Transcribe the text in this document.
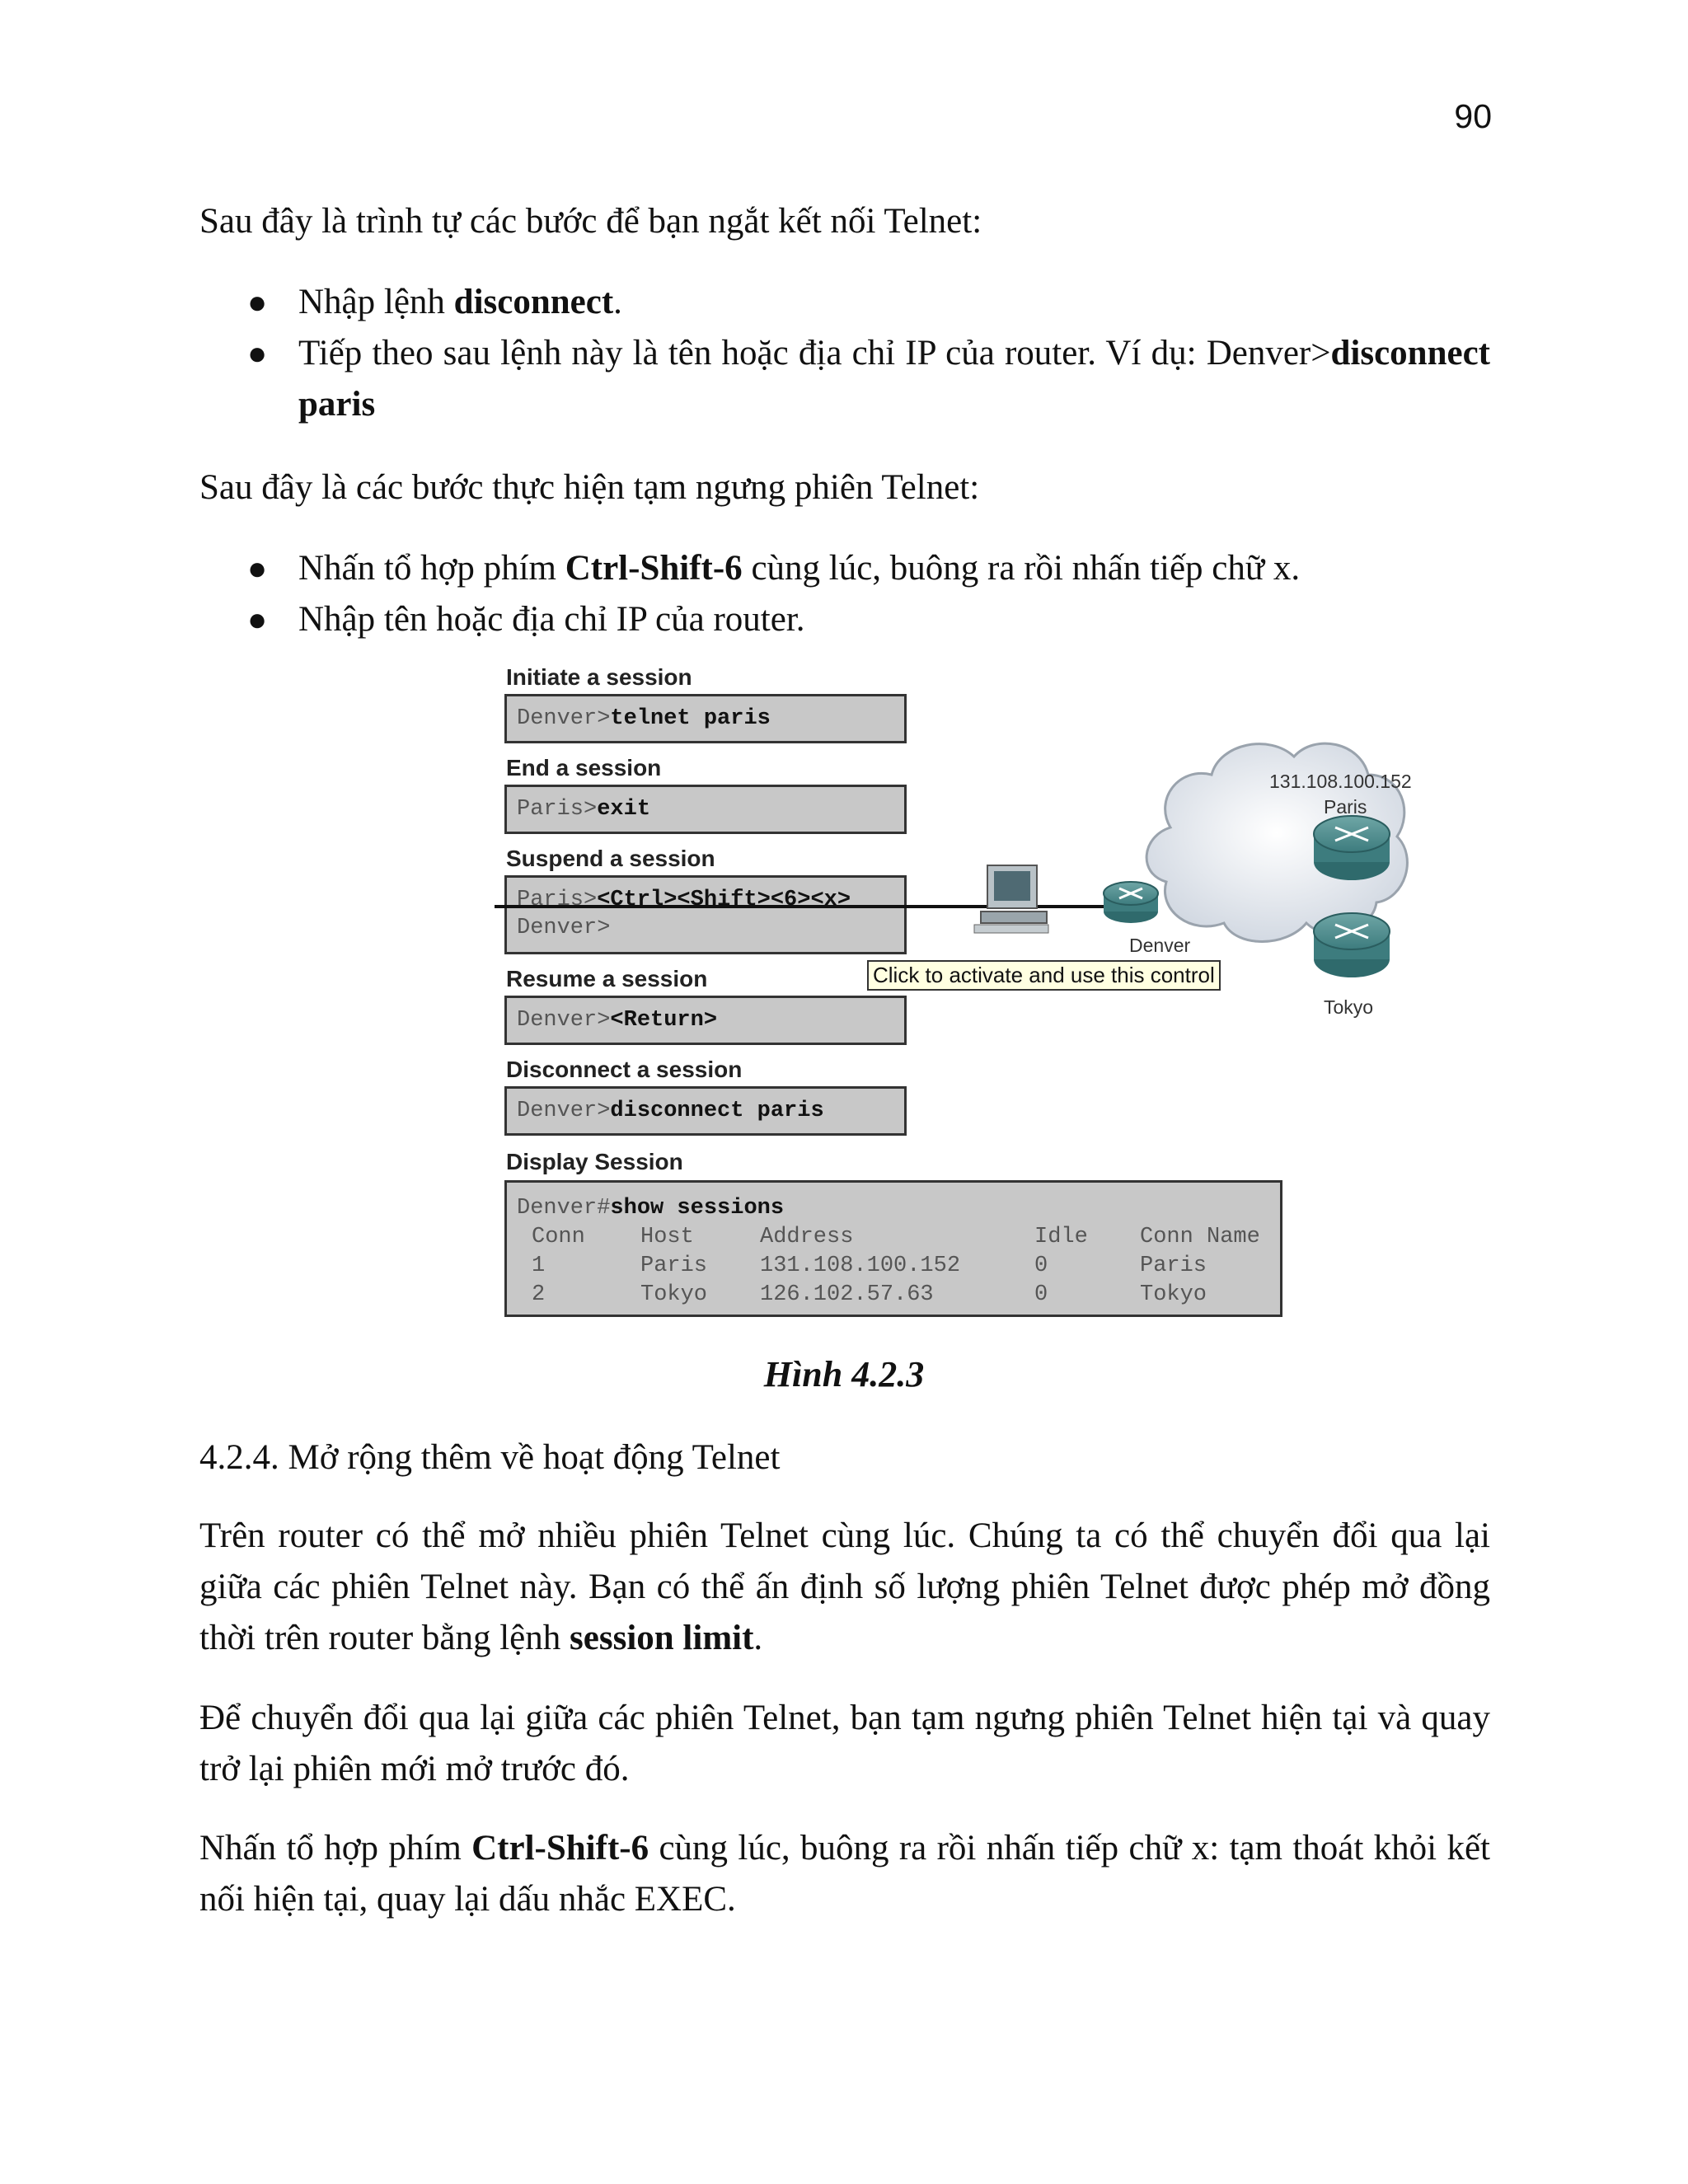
90

Sau đây là trình tự các bước để bạn ngắt kết nối Telnet:

● Nhập lệnh disconnect.
● Tiếp theo sau lệnh này là tên hoặc địa chỉ IP của router. Ví dụ: Denver>disconnect paris

Sau đây là các bước thực hiện tạm ngưng phiên Telnet:

● Nhấn tổ hợp phím Ctrl-Shift-6 cùng lúc, buông ra rồi nhấn tiếp chữ x.
● Nhập tên hoặc địa chỉ IP của router.
Initiate a session
Denver>telnet paris
End a session
Paris>exit
Suspend a session
Paris><Ctrl><Shift><6><x>
Denver>
Resume a session
Denver><Return>
Disconnect a session
Denver>disconnect paris
Display Session
Denver#show sessions
Conn Host	Address	Idle Conn Name
1	Paris 131.108.100.152	0	Paris
2	Tokyo 126.102.57.63	0	Tokyo
Denver
131.108.100.152
Paris
Tokyo
Click to activate and use this control
Hình 4.2.3

4.2.4. Mở rộng thêm về hoạt động Telnet

Trên router có thể mở nhiều phiên Telnet cùng lúc. Chúng ta có thể chuyển đổi qua lại giữa các phiên Telnet này. Bạn có thể ấn định số lượng phiên Telnet được phép mở đồng thời trên router bằng lệnh session limit.

Để chuyển đổi qua lại giữa các phiên Telnet, bạn tạm ngưng phiên Telnet hiện tại và quay trở lại phiên mới mở trước đó.

Nhấn tổ hợp phím Ctrl-Shift-6 cùng lúc, buông ra rồi nhấn tiếp chữ x: tạm thoát khỏi kết nối hiện tại, quay lại dấu nhắc EXEC.
